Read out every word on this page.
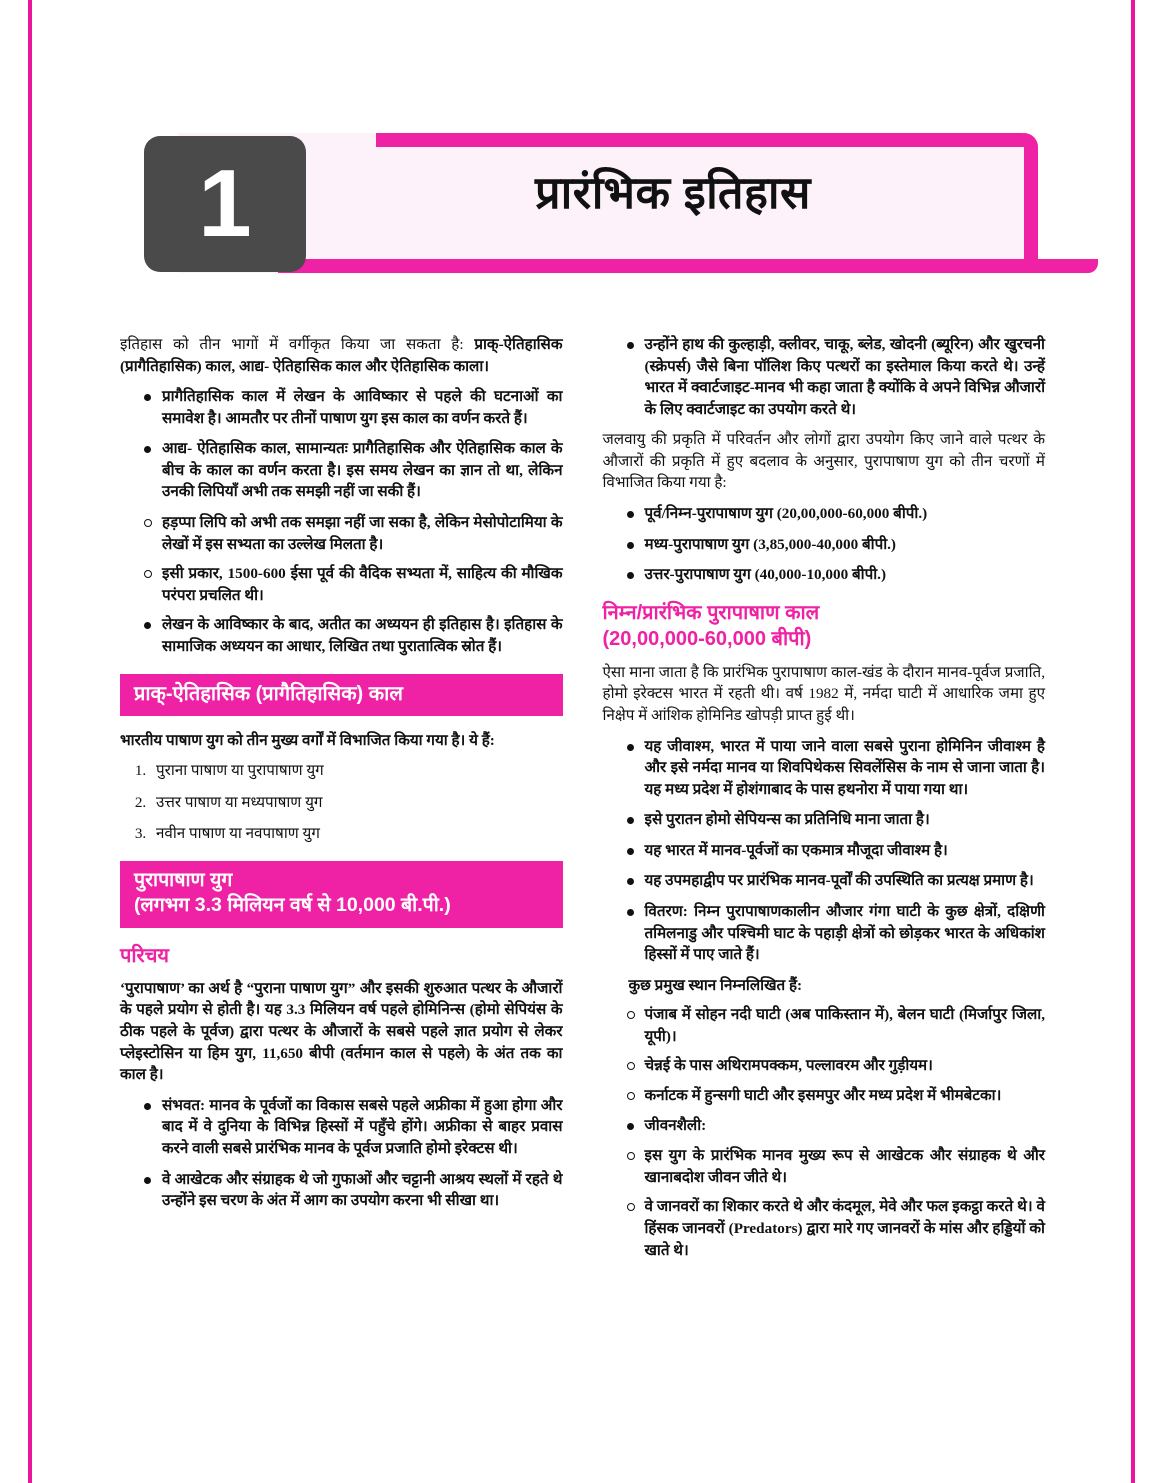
1	प्रारंभिक इतिहास

इतिहास को तीन भागों में वर्गीकृत किया जा सकता है: प्राक्-ऐतिहासिक (प्रागैतिहासिक) काल, आद्य- ऐतिहासिक काल और ऐतिहासिक काला।

प्रागैतिहासिक काल में लेखन के आविष्कार से पहले की घटनाओं का समावेश है। आमतौर पर तीनों पाषाण युग इस काल का वर्णन करते हैं।
आद्य- ऐतिहासिक काल, सामान्यतः प्रागैतिहासिक और ऐतिहासिक काल के बीच के काल का वर्णन करता है। इस समय लेखन का ज्ञान तो था, लेकिन उनकी लिपियाँ अभी तक समझी नहीं जा सकी हैं।
हड़प्पा लिपि को अभी तक समझा नहीं जा सका है, लेकिन मेसोपोटामिया के लेखों में इस सभ्यता का उल्लेख मिलता है।
इसी प्रकार, 1500-600 ईसा पूर्व की वैदिक सभ्यता में, साहित्य की मौखिक परंपरा प्रचलित थी।
लेखन के आविष्कार के बाद, अतीत का अध्ययन ही इतिहास है। इतिहास के सामाजिक अध्ययन का आधार, लिखित तथा पुरातात्विक स्रोत हैं।
प्राक्-ऐतिहासिक (प्रागैतिहासिक) काल

भारतीय पाषाण युग को तीन मुख्य वर्गों में विभाजित किया गया है। ये हैं:

1. पुराना पाषाण या पुरापाषाण युग
2. उत्तर पाषाण या मध्यपाषाण युग
3. नवीन पाषाण या नवपाषाण युग
पुरापाषाण युग
(लगभग 3.3 मिलियन वर्ष से 10,000 बी.पी.)
परिचय

‘पुरापाषाण’ का अर्थ है “पुराना पाषाण युग” और इसकी शुरुआत पत्थर के औजारों के पहले प्रयोग से होती है। यह 3.3 मिलियन वर्ष पहले होमिनिन्स (होमो सेपियंस के ठीक पहले के पूर्वज) द्वारा पत्थर के औजारों के सबसे पहले ज्ञात प्रयोग से लेकर प्लेइस्टोसिन या हिम युग, 11,650 बीपी (वर्तमान काल से पहले) के अंत तक का काल है।

संभवत: मानव के पूर्वजों का विकास सबसे पहले अफ्रीका में हुआ होगा और बाद में वे दुनिया के विभिन्न हिस्सों में पहुँचे होंगे। अफ्रीका से बाहर प्रवास करने वाली सबसे प्रारंभिक मानव के पूर्वज प्रजाति होमो इरेक्टस थी।
वे आखेटक और संग्राहक थे जो गुफाओं और चट्टानी आश्रय स्थलों में रहते थे उन्होंने इस चरण के अंत में आग का उपयोग करना भी सीखा था।
उन्होंने हाथ की कुल्हाड़ी, क्लीवर, चाकू, ब्लेड, खोदनी (ब्यूरिन) और खुरचनी (स्क्रेपर्स) जैसे बिना पॉलिश किए पत्थरों का इस्तेमाल किया करते थे। उन्हें भारत में क्वार्टजाइट-मानव भी कहा जाता है क्योंकि वे अपने विभिन्न औजारों के लिए क्वार्टजाइट का उपयोग करते थे।

जलवायु की प्रकृति में परिवर्तन और लोगों द्वारा उपयोग किए जाने वाले पत्थर के औजारों की प्रकृति में हुए बदलाव के अनुसार, पुरापाषाण युग को तीन चरणों में विभाजित किया गया है:

पूर्व/निम्न-पुरापाषाण युग (20,00,000-60,000 बीपी.)
मध्य-पुरापाषाण युग (3,85,000-40,000 बीपी.)
उत्तर-पुरापाषाण युग (40,000-10,000 बीपी.)
निम्न/प्रारंभिक पुरापाषाण काल
(20,00,000-60,000 बीपी)

ऐसा माना जाता है कि प्रारंभिक पुरापाषाण काल-खंड के दौरान मानव-पूर्वज प्रजाति, होमो इरेक्टस भारत में रहती थी। वर्ष 1982 में, नर्मदा घाटी में आधारिक जमा हुए निक्षेप में आंशिक होमिनिड खोपड़ी प्राप्त हुई थी।

यह जीवाश्म, भारत में पाया जाने वाला सबसे पुराना होमिनिन जीवाश्म है और इसे नर्मदा मानव या शिवपिथेकस सिवलेंसिस के नाम से जाना जाता है। यह मध्य प्रदेश में होशंगाबाद के पास हथनोरा में पाया गया था।
इसे पुरातन होमो सेपियन्स का प्रतिनिधि माना जाता है।
यह भारत में मानव-पूर्वजों का एकमात्र मौजूदा जीवाश्म है।
यह उपमहाद्वीप पर प्रारंभिक मानव-पूर्वों की उपस्थिति का प्रत्यक्ष प्रमाण है।
वितरण: निम्न पुरापाषाणकालीन औजार गंगा घाटी के कुछ क्षेत्रों, दक्षिणी तमिलनाडु और पश्चिमी घाट के पहाड़ी क्षेत्रों को छोड़कर भारत के अधिकांश हिस्सों में पाए जाते हैं।

कुछ प्रमुख स्थान निम्नलिखित हैं:

पंजाब में सोहन नदी घाटी (अब पाकिस्तान में), बेलन घाटी (मिर्जापुर जिला, यूपी)।
चेन्नई के पास अथिरामपक्कम, पल्लावरम और गुड़ीयम।
कर्नाटक में हुन्सगी घाटी और इसमपुर और मध्य प्रदेश में भीमबेटका।
जीवनशैली:
इस युग के प्रारंभिक मानव मुख्य रूप से आखेटक और संग्राहक थे और खानाबदोश जीवन जीते थे।
वे जानवरों का शिकार करते थे और कंदमूल, मेवे और फल इकट्ठा करते थे। वे हिंसक जानवरों (Predators) द्वारा मारे गए जानवरों के मांस और हड्डियों को खाते थे।
